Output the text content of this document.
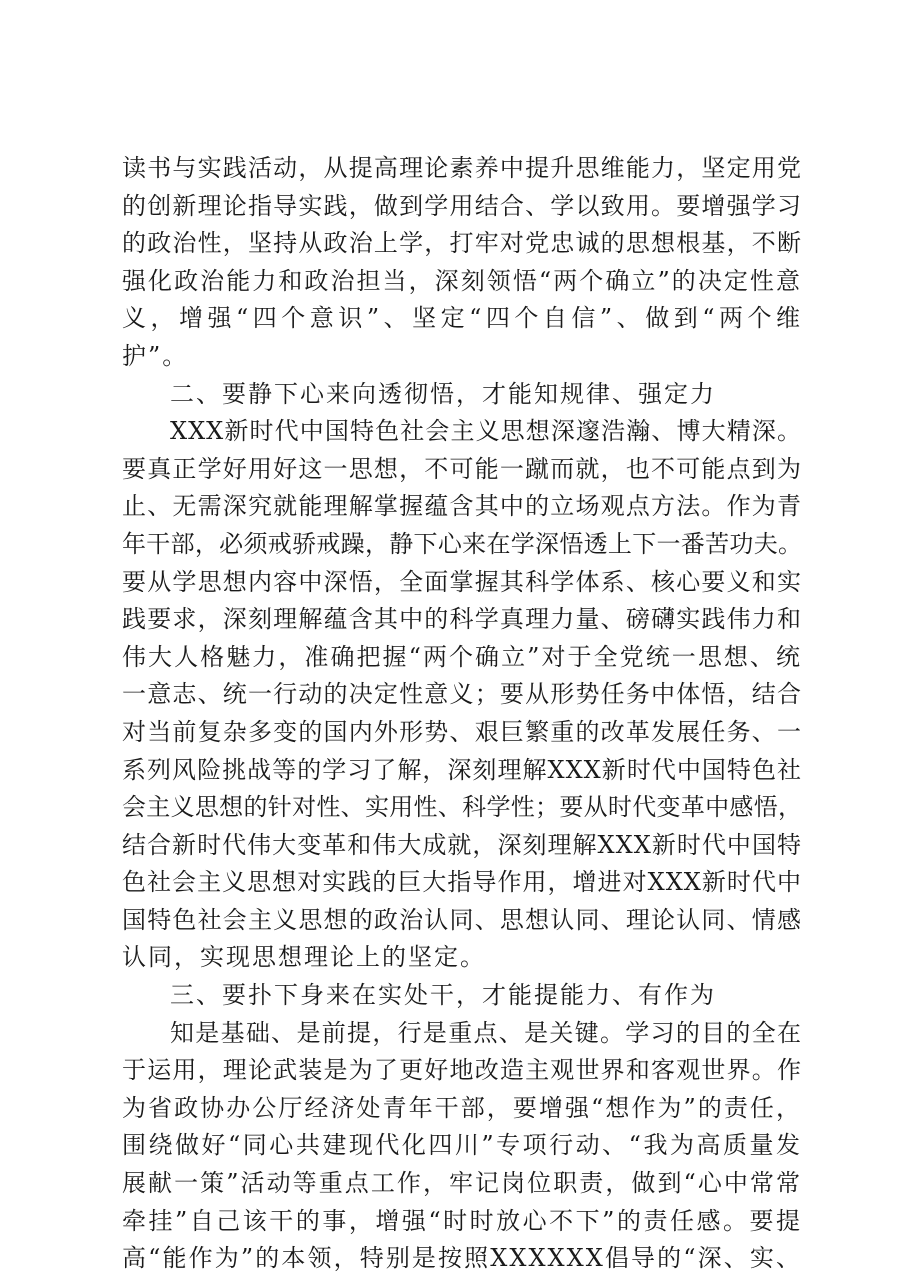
读书与实践活动，从提高理论素养中提升思维能力，坚定用党
的创新理论指导实践，做到学用结合、学以致用。要增强学习
的政治性，坚持从政治上学，打牢对党忠诚的思想根基，不断
强化政治能力和政治担当，深刻领悟“两个确立”的决定性意
义，增强“四个意识”、坚定“四个自信”、做到“两个维
护”。
二、要静下心来向透彻悟，才能知规律、强定力
XXX新时代中国特色社会主义思想深邃浩瀚、博大精深。
要真正学好用好这一思想，不可能一蹴而就，也不可能点到为
止、无需深究就能理解掌握蕴含其中的立场观点方法。作为青
年干部，必须戒骄戒躁，静下心来在学深悟透上下一番苦功夫。
要从学思想内容中深悟，全面掌握其科学体系、核心要义和实
践要求，深刻理解蕴含其中的科学真理力量、磅礴实践伟力和
伟大人格魅力，准确把握“两个确立”对于全党统一思想、统
一意志、统一行动的决定性意义；要从形势任务中体悟，结合
对当前复杂多变的国内外形势、艰巨繁重的改革发展任务、一
系列风险挑战等的学习了解，深刻理解XXX新时代中国特色社
会主义思想的针对性、实用性、科学性；要从时代变革中感悟，
结合新时代伟大变革和伟大成就，深刻理解XXX新时代中国特
色社会主义思想对实践的巨大指导作用，增进对XXX新时代中
国特色社会主义思想的政治认同、思想认同、理论认同、情感
认同，实现思想理论上的坚定。
三、要扑下身来在实处干，才能提能力、有作为
知是基础、是前提，行是重点、是关键。学习的目的全在
于运用，理论武装是为了更好地改造主观世界和客观世界。作
为省政协办公厅经济处青年干部，要增强“想作为”的责任，
围绕做好“同心共建现代化四川”专项行动、“我为高质量发
展献一策”活动等重点工作，牢记岗位职责，做到“心中常常
牵挂”自己该干的事，增强“时时放心不下”的责任感。要提
高“能作为”的本领，特别是按照XXXXXX倡导的“深、实、
